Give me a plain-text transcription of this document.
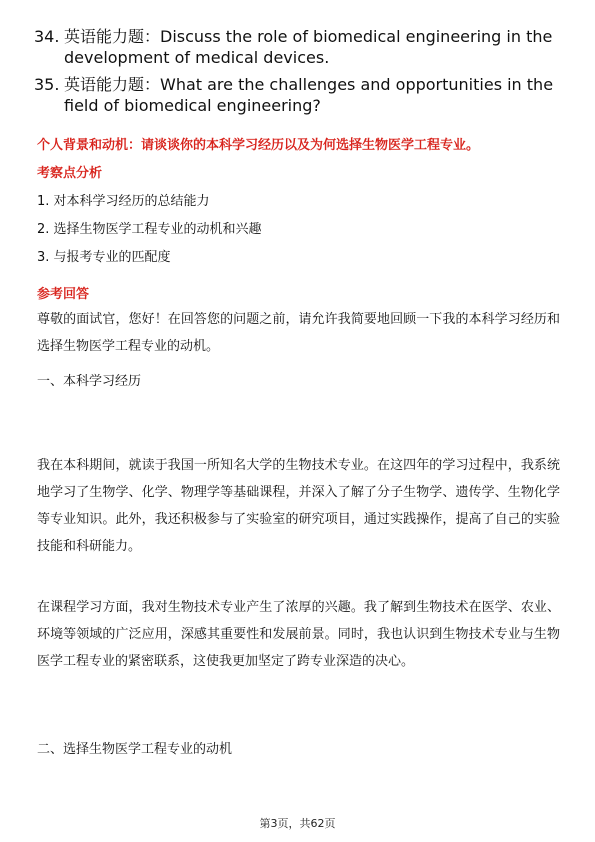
34. 英语能力题：Discuss the role of biomedical engineering in the development of medical devices.
35. 英语能力题：What are the challenges and opportunities in the field of biomedical engineering?
个人背景和动机：请谈谈你的本科学习经历以及为何选择生物医学工程专业。
考察点分析
1. 对本科学习经历的总结能力
2. 选择生物医学工程专业的动机和兴趣
3. 与报考专业的匹配度
参考回答
尊敬的面试官，您好！在回答您的问题之前，请允许我简要地回顾一下我的本科学习经历和选择生物医学工程专业的动机。
一、本科学习经历
我在本科期间，就读于我国一所知名大学的生物技术专业。在这四年的学习过程中，我系统地学习了生物学、化学、物理学等基础课程，并深入了解了分子生物学、遗传学、生物化学等专业知识。此外，我还积极参与了实验室的研究项目，通过实践操作，提高了自己的实验技能和科研能力。
在课程学习方面，我对生物技术专业产生了浓厚的兴趣。我了解到生物技术在医学、农业、环境等领域的广泛应用，深感其重要性和发展前景。同时，我也认识到生物技术专业与生物医学工程专业的紧密联系，这使我更加坚定了跨专业深造的决心。
二、选择生物医学工程专业的动机
第3页，共62页
